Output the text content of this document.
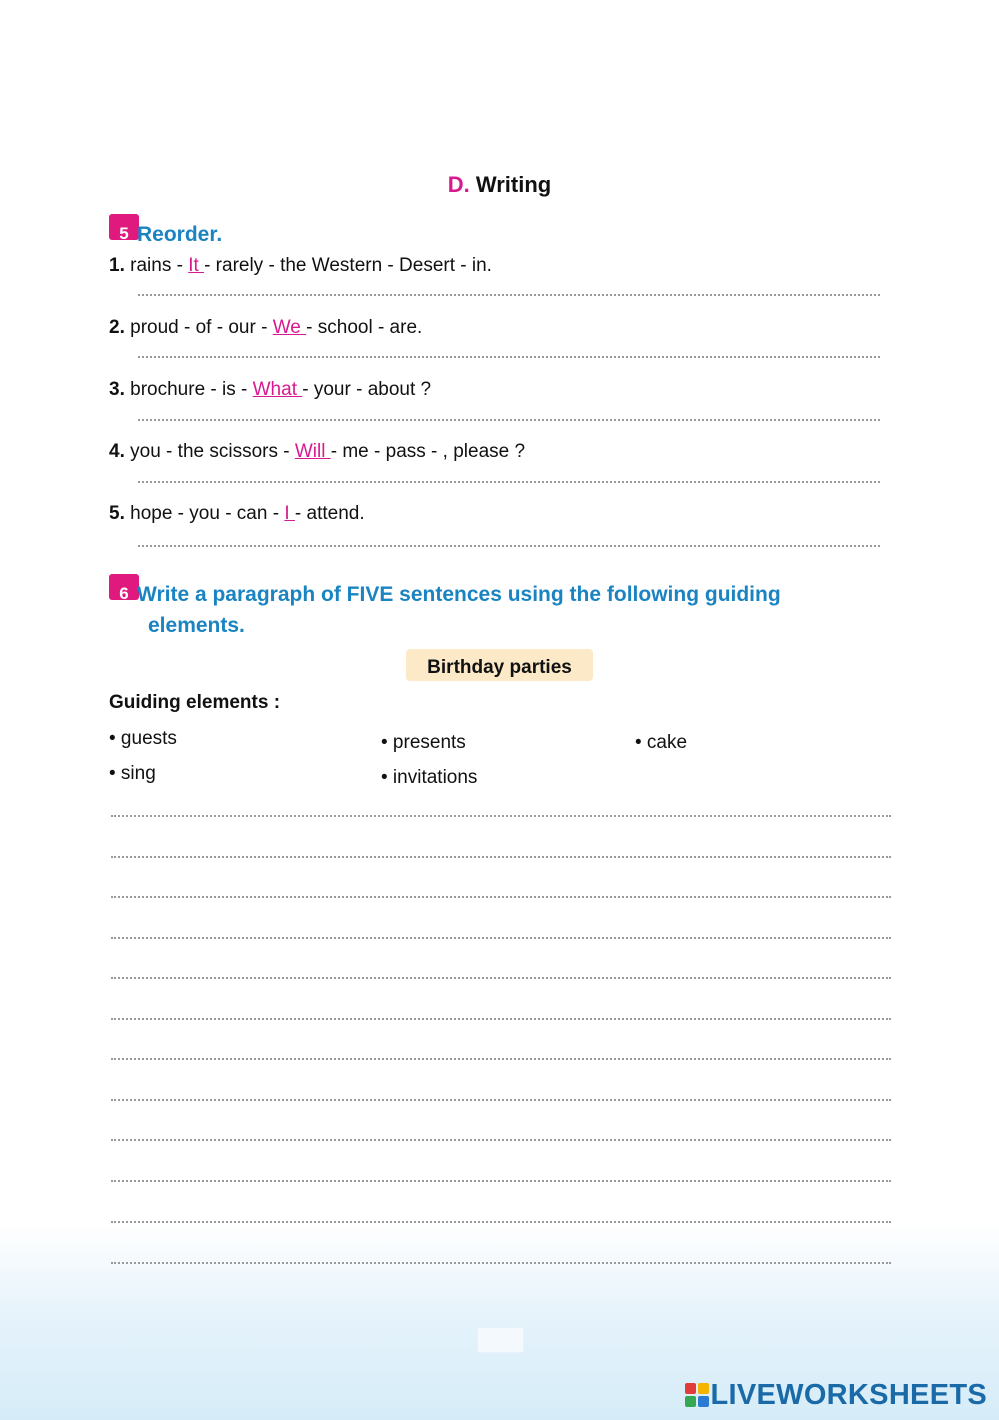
D. Writing
5 Reorder.
1. rains - It - rarely - the Western - Desert - in.
2. proud - of - our - We - school - are.
3. brochure - is - What - your - about ?
4. you - the scissors - Will - me - pass - , please ?
5. hope - you - can - I - attend.
6 Write a paragraph of FIVE sentences using the following guiding
elements.
Birthday parties
Guiding elements :
• guests
• sing
• presents
• invitations
• cake
LIVEWORKSHEETS
